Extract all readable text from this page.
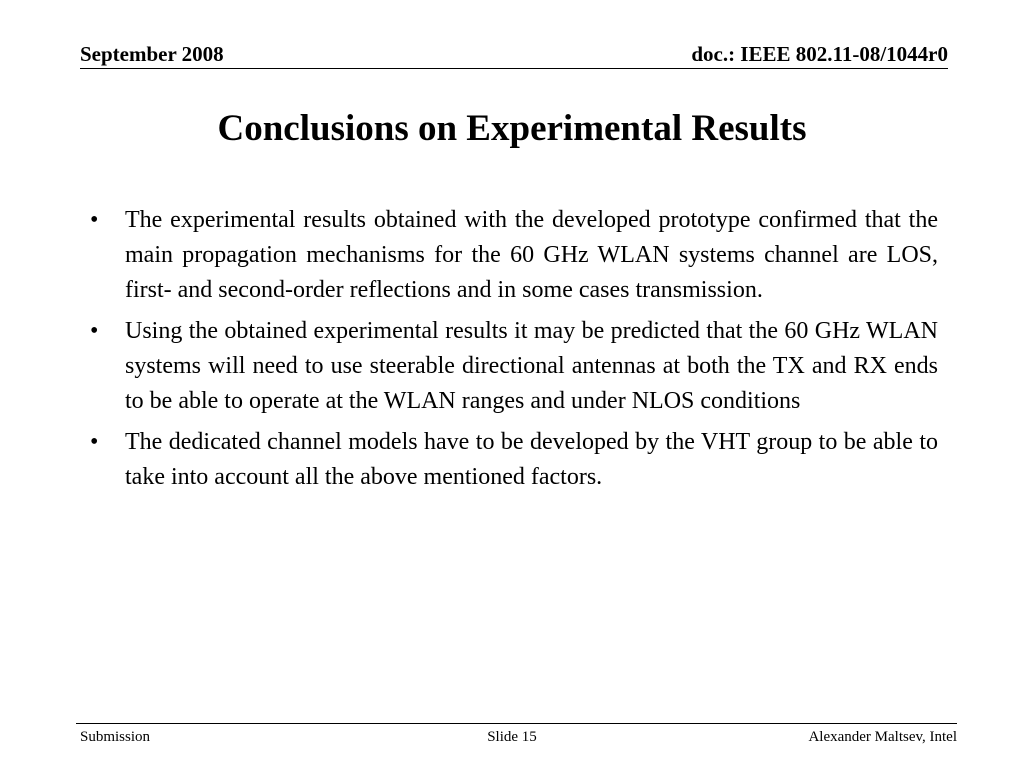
September 2008	doc.: IEEE 802.11-08/1044r0
Conclusions on Experimental Results
•	The experimental results obtained with the developed prototype confirmed that the main propagation mechanisms for the 60 GHz WLAN systems channel are LOS, first- and second-order reflections and in some cases transmission.
•	Using the obtained experimental results it may be predicted that the 60 GHz WLAN systems will need to use steerable directional antennas at both the TX and RX ends to be able to operate at the WLAN ranges and under NLOS conditions
•	The dedicated channel models have to be developed by the VHT group to be able to take into account all the above mentioned factors.
Submission	Slide 15	Alexander Maltsev, Intel
